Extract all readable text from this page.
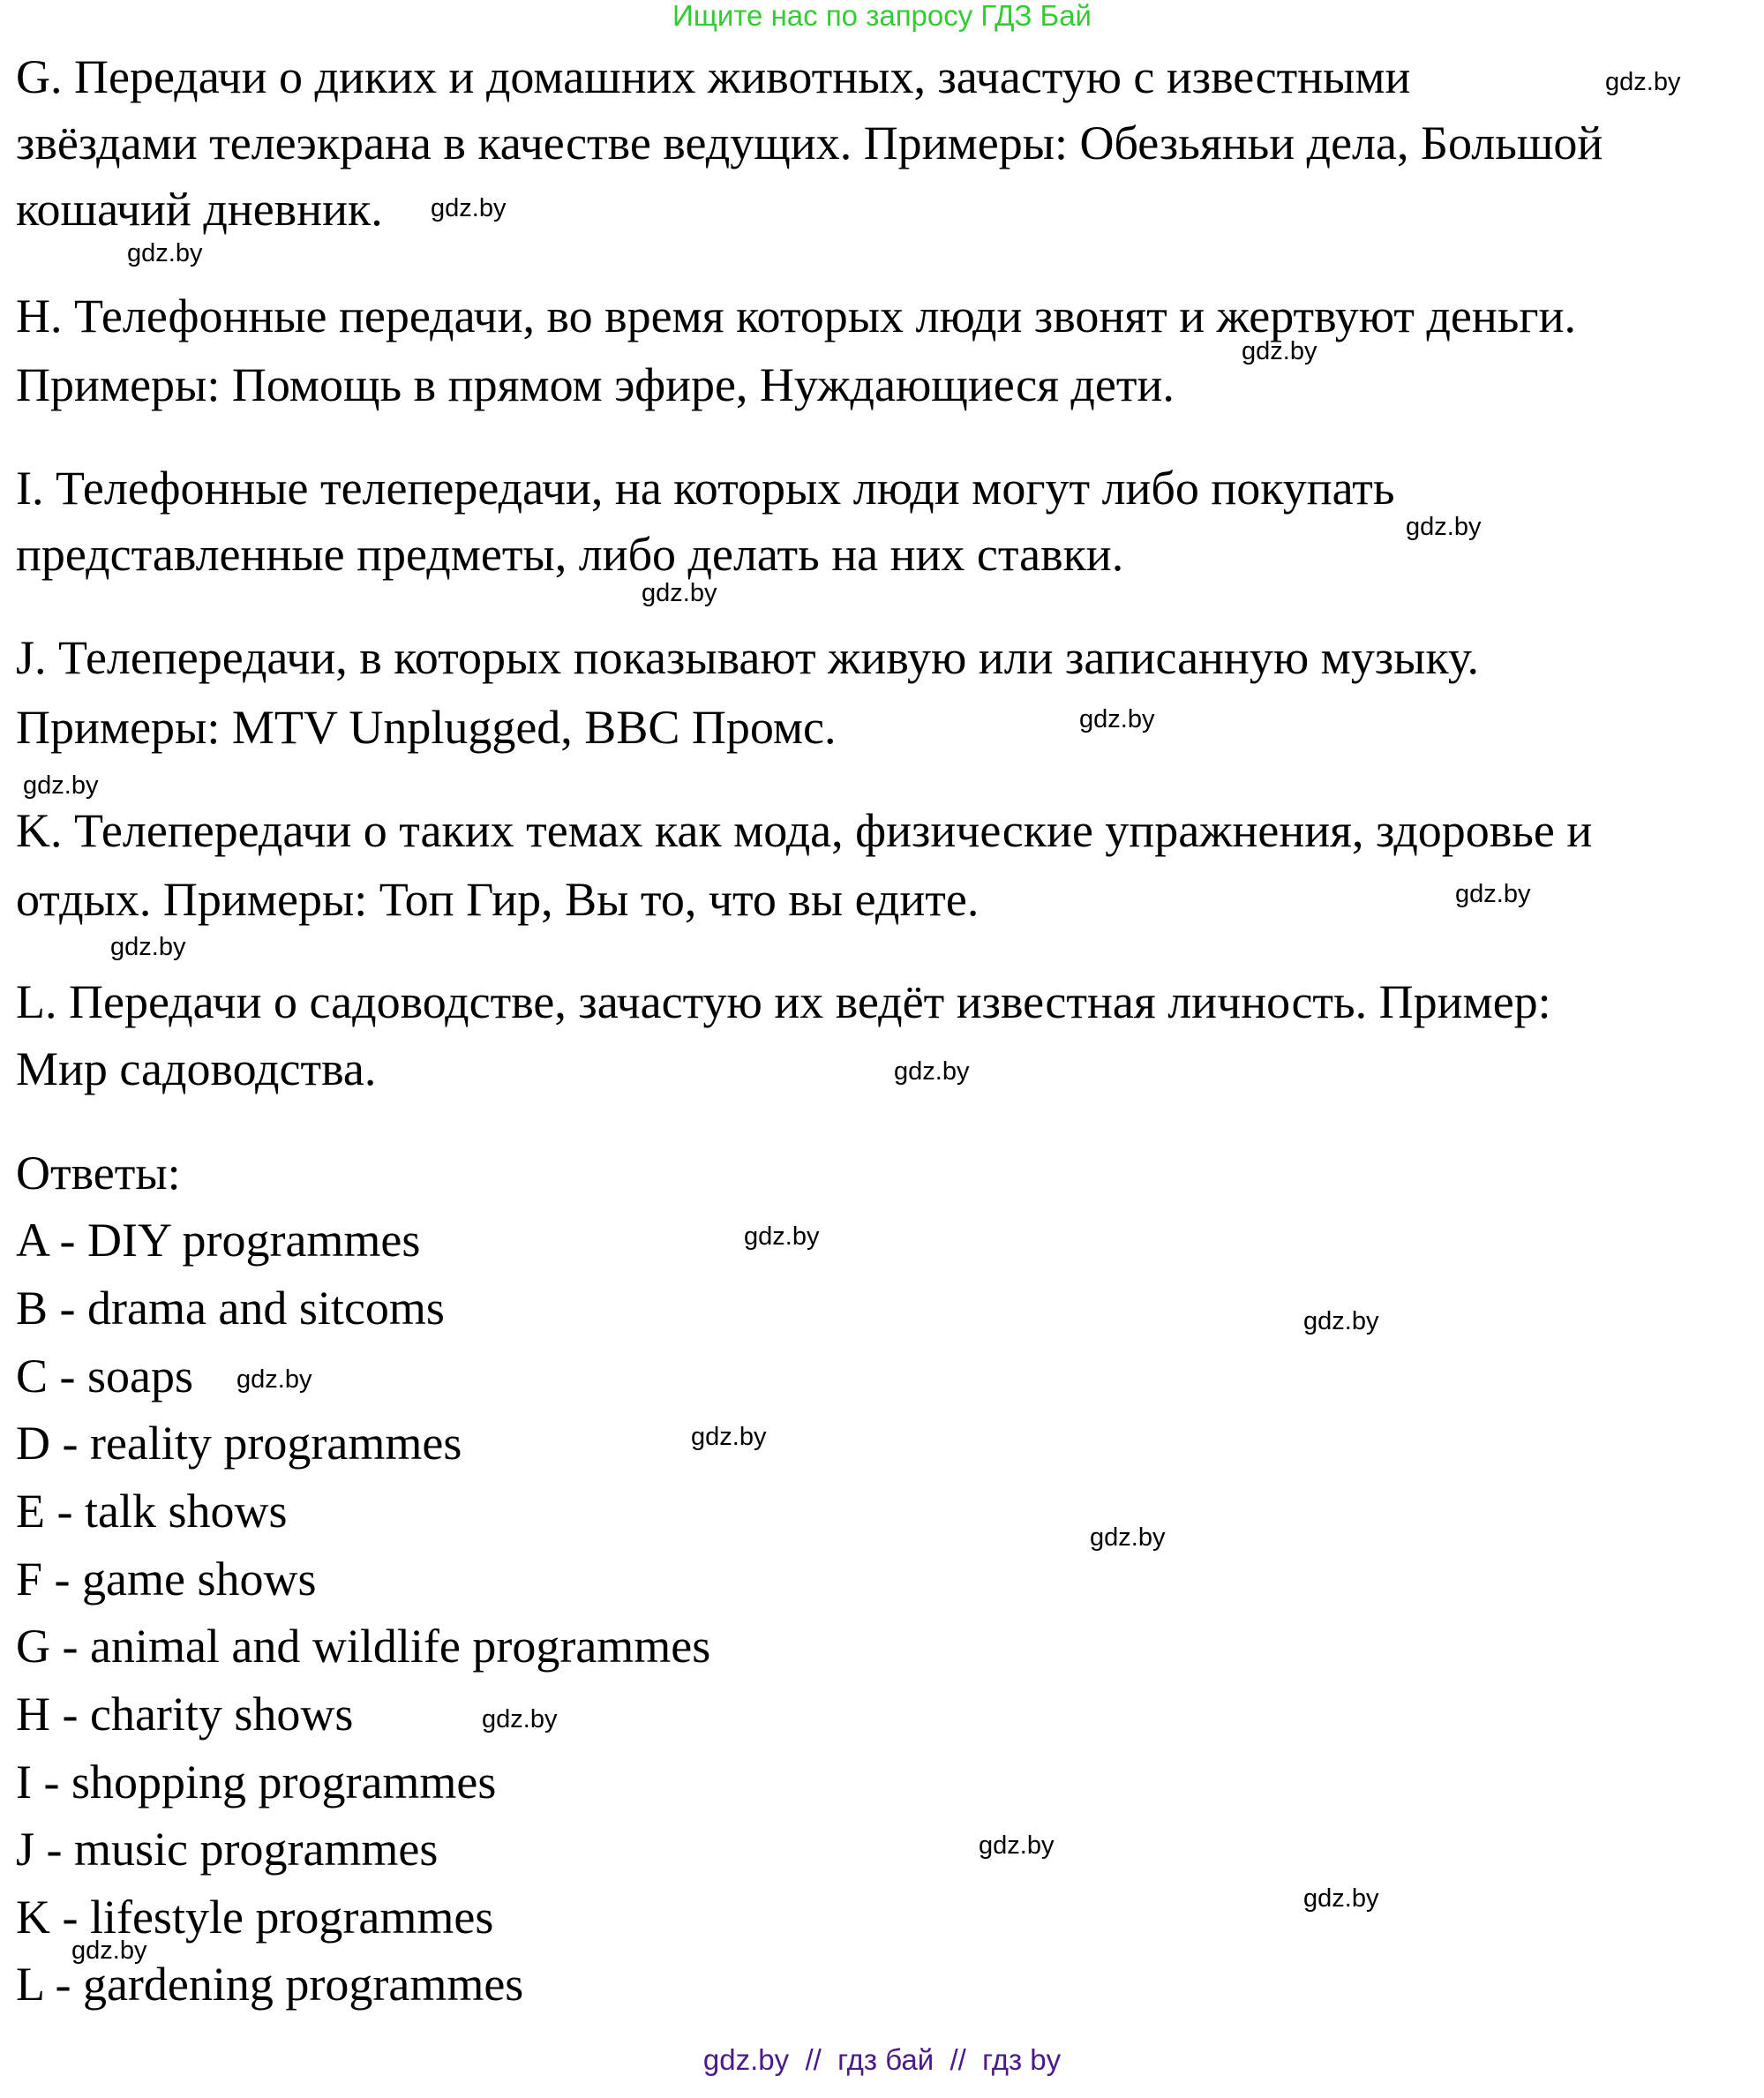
Ищите нас по запросу ГДЗ Бай
G. Передачи о диких и домашних животных, зачастую с известными
звёздами телеэкрана в качестве ведущих. Примеры: Обезьяньи дела, Большой
кошачий дневник.
H. Телефонные передачи, во время которых люди звонят и жертвуют деньги.
Примеры: Помощь в прямом эфире, Нуждающиеся дети.
I. Телефонные телепередачи, на которых люди могут либо покупать
представленные предметы, либо делать на них ставки.
J. Телепередачи, в которых показывают живую или записанную музыку.
Примеры: MTV Unplugged, BBC Промс.
K. Телепередачи о таких темах как мода, физические упражнения, здоровье и
отдых. Примеры: Топ Гир, Вы то, что вы едите.
L. Передачи о садоводстве, зачастую их ведёт известная личность. Пример:
Мир садоводства.
Ответы:
A - DIY programmes
B - drama and sitcoms
C - soaps
D - reality programmes
E - talk shows
F - game shows
G - animal and wildlife programmes
H - charity shows
I - shopping programmes
J - music programmes
K - lifestyle programmes
L - gardening programmes
gdz.by
gdz.by
gdz.by
gdz.by
gdz.by
gdz.by
gdz.by
gdz.by
gdz.by
gdz.by
gdz.by
gdz.by
gdz.by
gdz.by
gdz.by
gdz.by
gdz.by
gdz.by
gdz.by
gdz.by
gdz.by  //  гдз бай  //  гдз by
